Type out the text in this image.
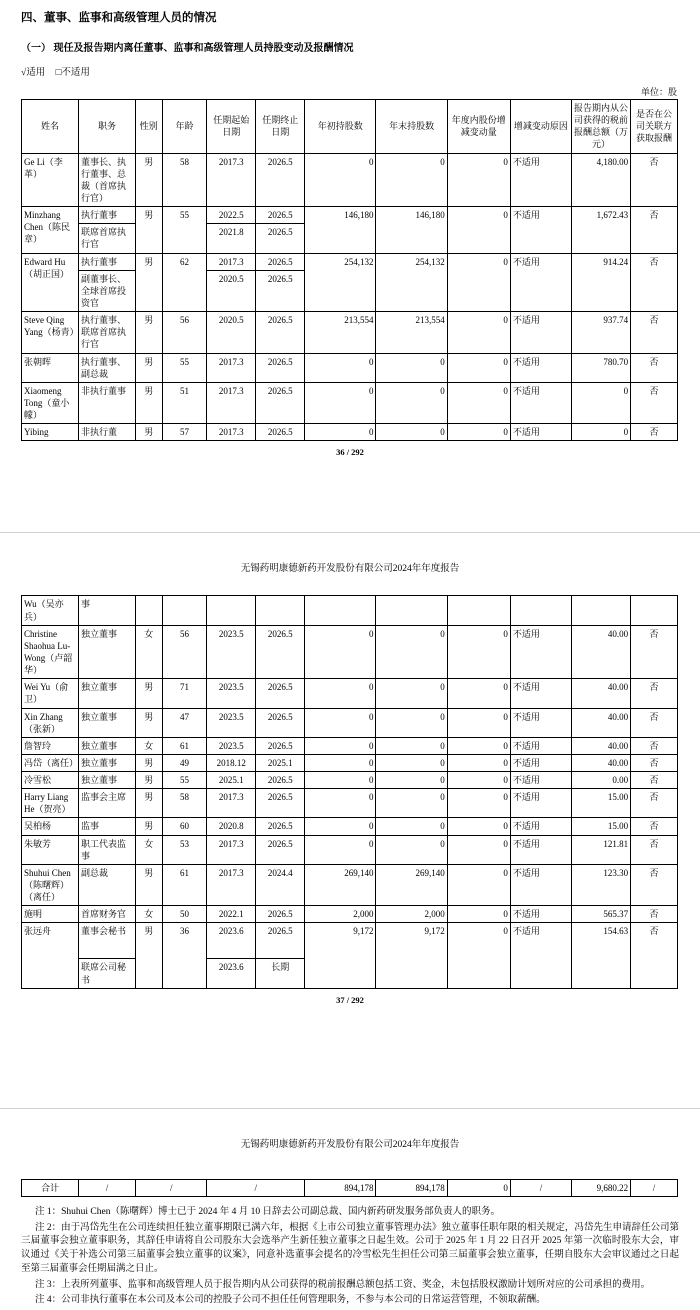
四、董事、监事和高级管理人员的情况
（一） 现任及报告期内离任董事、监事和高级管理人员持股变动及报酬情况
√适用 □不适用
单位：股
姓名	职务	性别	年龄	任期起始日期	任期终止日期	年初持股数	年末持股数	年度内股份增减变动量	增减变动原因	报告期内从公司获得的税前报酬总额（万元）	是否在公司关联方获取报酬
Ge Li（李革）	董事长、执行董事、总裁（首席执行官）	男	58	2017.3	2026.5	0	0	0	不适用	4,180.00	否
Minzhang Chen（陈民章）	执行董事	男	55	2022.5	2026.5	146,180	146,180	0	不适用	1,672.43	否
	联席首席执行官			2021.8	2026.5						
Edward Hu（胡正国）	执行董事	男	62	2017.3	2026.5	254,132	254,132	0	不适用	914.24	否
	副董事长、全球首席投资官			2020.5	2026.5						
Steve Qing Yang（杨青）	执行董事、联席首席执行官	男	56	2020.5	2026.5	213,554	213,554	0	不适用	937.74	否
张朝晖	执行董事、副总裁	男	55	2017.3	2026.5	0	0	0	不适用	780.70	否
Xiaomeng Tong（童小幪）	非执行董事	男	51	2017.3	2026.5	0	0	0	不适用	0	否
Yibing	非执行董	男	57	2017.3	2026.5	0	0	0	不适用	0	否
36 / 292
无锡药明康德新药开发股份有限公司2024年年度报告
Wu（吴亦兵）	事										
Christine Shaohua Lu-Wong（卢韶华）	独立董事	女	56	2023.5	2026.5	0	0	0	不适用	40.00	否
Wei Yu（俞卫）	独立董事	男	71	2023.5	2026.5	0	0	0	不适用	40.00	否
Xin Zhang（张新）	独立董事	男	47	2023.5	2026.5	0	0	0	不适用	40.00	否
詹智玲	独立董事	女	61	2023.5	2026.5	0	0	0	不适用	40.00	否
冯岱（离任）	独立董事	男	49	2018.12	2025.1	0	0	0	不适用	40.00	否
冷雪松	独立董事	男	55	2025.1	2026.5	0	0	0	不适用	0.00	否
Harry Liang He（贺亮）	监事会主席	男	58	2017.3	2026.5	0	0	0	不适用	15.00	否
吴柏杨	监事	男	60	2020.8	2026.5	0	0	0	不适用	15.00	否
朱敏芳	职工代表监事	女	53	2017.3	2026.5	0	0	0	不适用	121.81	否
Shuhui Chen（陈曙辉）（离任）	副总裁	男	61	2017.3	2024.4	269,140	269,140	0	不适用	123.30	否
施明	首席财务官	女	50	2022.1	2026.5	2,000	2,000	0	不适用	565.37	否
张远舟	董事会秘书	男	36	2023.6	2026.5	9,172	9,172	0	不适用	154.63	否
	联席公司秘书			2023.6	长期						
37 / 292
无锡药明康德新药开发股份有限公司2024年年度报告
合计	/	/	/	894,178	894,178	0	/	9,680.22	/

注 1：Shuhui Chen（陈曙辉）博士已于 2024 年 4 月 10 日辞去公司副总裁、国内新药研发服务部负责人的职务。

注 2：由于冯岱先生在公司连续担任独立董事期限已满六年，根据《上市公司独立董事管理办法》独立董事任职年限的相关规定，冯岱先生申请辞任公司第三届董事会独立董事职务，其辞任申请将自公司股东大会选举产生新任独立董事之日起生效。公司于 2025 年 1 月 22 日召开 2025 年第一次临时股东大会，审议通过《关于补选公司第三届董事会独立董事的议案》，同意补选董事会提名的冷雪松先生担任公司第三届董事会独立董事，任期自股东大会审议通过之日起至第三届董事会任期届满之日止。

注 3：上表所列董事、监事和高级管理人员于报告期内从公司获得的税前报酬总额包括工资、奖金，未包括股权激励计划所对应的公司承担的费用。

注 4：公司非执行董事在本公司及本公司的控股子公司不担任任何管理职务，不参与本公司的日常运营管理，不领取薪酬。
